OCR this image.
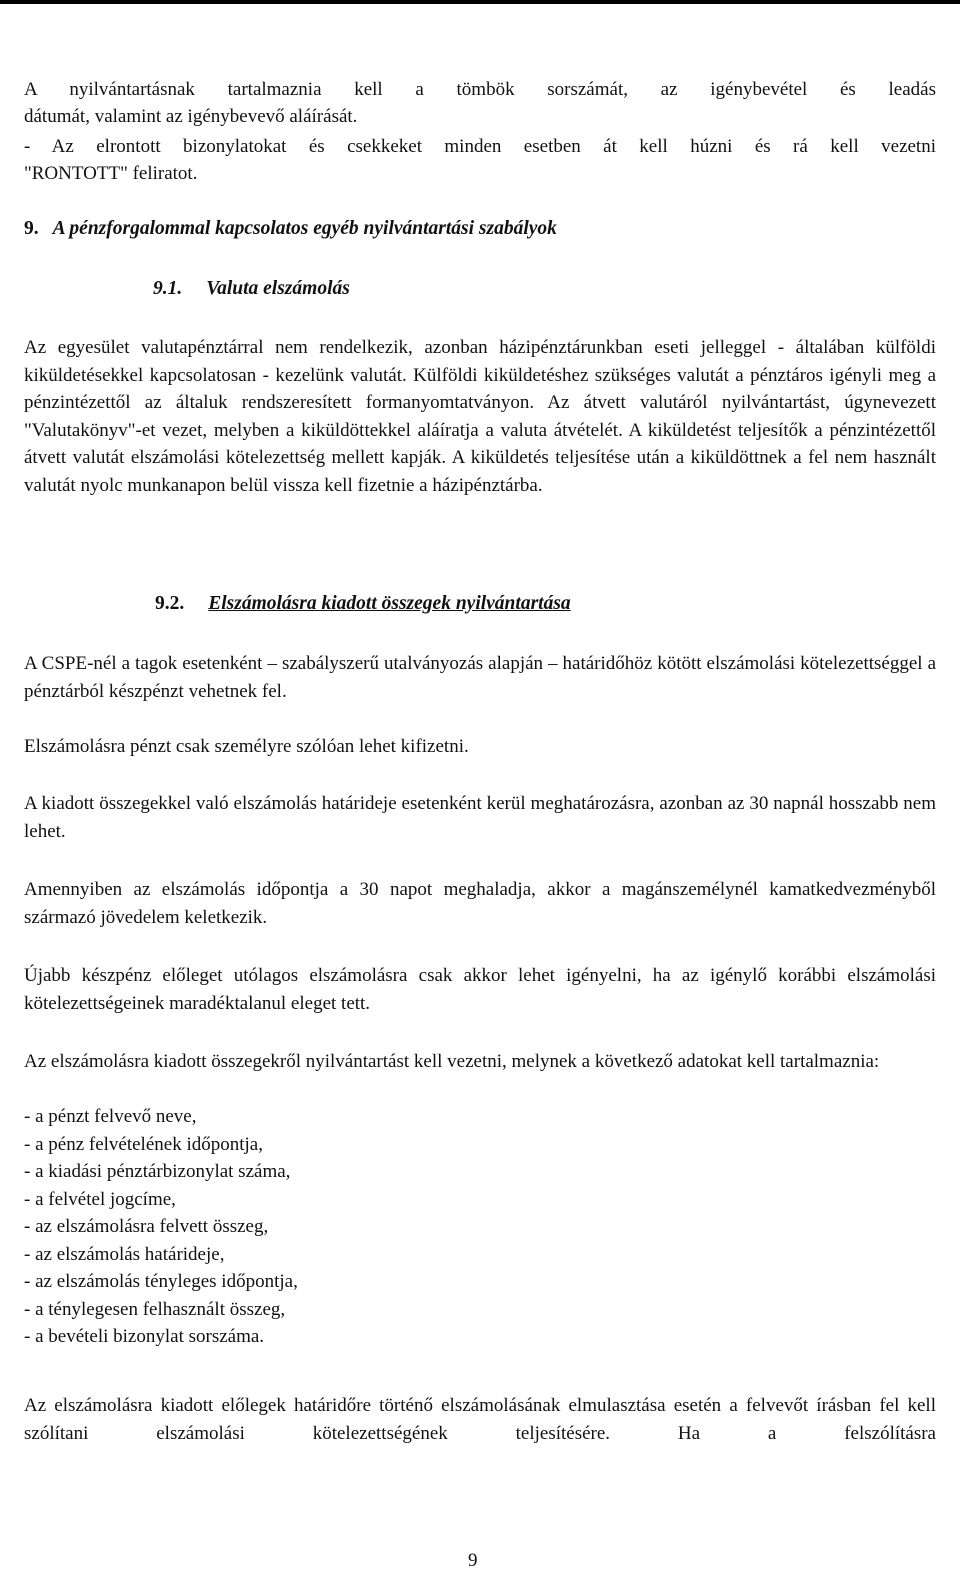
A nyilvántartásnak tartalmaznia kell a tömbök sorszámát, az igénybevétel és leadás

dátumát, valamint az igénybevevő aláírását.

- Az elrontott bizonylatokat és csekkeket minden esetben át kell húzni és rá kell vezetni

"RONTOTT" feliratot.

9. A pénzforgalommal kapcsolatos egyéb nyilvántartási szabályok
9.1. Valuta elszámolás

Az egyesület valutapénztárral nem rendelkezik, azonban házipénztárunkban eseti jelleggel - általában külföldi kiküldetésekkel kapcsolatosan - kezelünk valutát. Külföldi kiküldetéshez szükséges valutát a pénztáros igényli meg a pénzintézettől az általuk rendszeresített formanyomtatványon. Az átvett valutáról nyilvántartást, úgynevezett "Valutakönyv"-et vezet, melyben a kiküldöttekkel aláíratja a valuta átvételét. A kiküldetést teljesítők a pénzintézettől átvett valutát elszámolási kötelezettség mellett kapják. A kiküldetés teljesítése után a kiküldöttnek a fel nem használt valutát nyolc munkanapon belül vissza kell fizetnie a házipénztárba.

9.2. Elszámolásra kiadott összegek nyilvántartása

A CSPE-nél a tagok esetenként – szabályszerű utalványozás alapján – határidőhöz kötött elszámolási kötelezettséggel a pénztárból készpénzt vehetnek fel.

Elszámolásra pénzt csak személyre szólóan lehet kifizetni.

A kiadott összegekkel való elszámolás határideje esetenként kerül meghatározásra, azonban az 30 napnál hosszabb nem lehet.

Amennyiben az elszámolás időpontja a 30 napot meghaladja, akkor a magánszemélynél kamatkedvezményből származó jövedelem keletkezik.

Újabb készpénz előleget utólagos elszámolásra csak akkor lehet igényelni, ha az igénylő korábbi elszámolási kötelezettségeinek maradéktalanul eleget tett.

Az elszámolásra kiadott összegekről nyilvántartást kell vezetni, melynek a következő adatokat kell tartalmaznia:

- a pénzt felvevő neve,
- a pénz felvételének időpontja,
- a kiadási pénztárbizonylat száma,
- a felvétel jogcíme,
- az elszámolásra felvett összeg,
- az elszámolás határideje,
- az elszámolás tényleges időpontja,
- a ténylegesen felhasznált összeg,
- a bevételi bizonylat sorszáma.

Az elszámolásra kiadott előlegek határidőre történő elszámolásának elmulasztása esetén a felvevőt írásban fel kell szólítani elszámolási kötelezettségének teljesítésére. Ha a felszólításra

9
